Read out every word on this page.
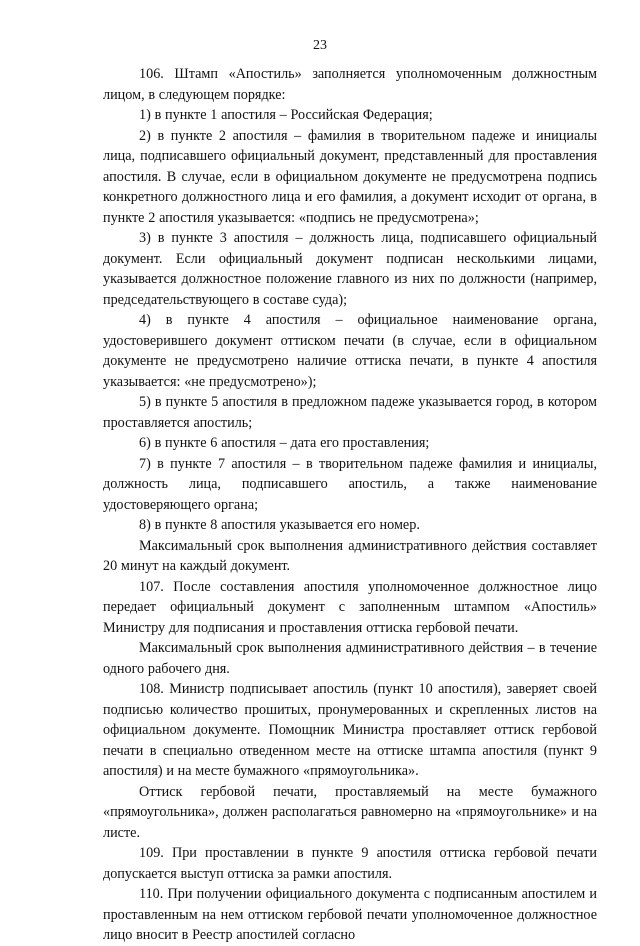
23

106. Штамп «Апостиль» заполняется уполномоченным должностным лицом, в следующем порядке:

1) в пункте 1 апостиля – Российская Федерация;

2) в пункте 2 апостиля – фамилия в творительном падеже и инициалы лица, подписавшего официальный документ, представленный для проставления апостиля. В случае, если в официальном документе не предусмотрена подпись конкретного должностного лица и его фамилия, а документ исходит от органа, в пункте 2 апостиля указывается: «подпись не предусмотрена»;

3) в пункте 3 апостиля – должность лица, подписавшего официальный документ. Если официальный документ подписан несколькими лицами, указывается должностное положение главного из них по должности (например, председательствующего в составе суда);

4) в пункте 4 апостиля – официальное наименование органа, удостоверившего документ оттиском печати (в случае, если в официальном документе не предусмотрено наличие оттиска печати, в пункте 4 апостиля указывается: «не предусмотрено»);

5) в пункте 5 апостиля в предложном падеже указывается город, в котором проставляется апостиль;

6) в пункте 6 апостиля – дата его проставления;

7) в пункте 7 апостиля – в творительном падеже фамилия и инициалы, должность лица, подписавшего апостиль, а также наименование удостоверяющего органа;

8) в пункте 8 апостиля указывается его номер.

Максимальный срок выполнения административного действия составляет 20 минут на каждый документ.

107. После составления апостиля уполномоченное должностное лицо передает официальный документ с заполненным штампом «Апостиль» Министру для подписания и проставления оттиска гербовой печати.

Максимальный срок выполнения административного действия – в течение одного рабочего дня.

108. Министр подписывает апостиль (пункт 10 апостиля), заверяет своей подписью количество прошитых, пронумерованных и скрепленных листов на официальном документе. Помощник Министра проставляет оттиск гербовой печати в специально отведенном месте на оттиске штампа апостиля (пункт 9 апостиля) и на месте бумажного «прямоугольника».

Оттиск гербовой печати, проставляемый на месте бумажного «прямоугольника», должен располагаться равномерно на «прямоугольнике» и на листе.

109. При проставлении в пункте 9 апостиля оттиска гербовой печати допускается выступ оттиска за рамки апостиля.

110. При получении официального документа с подписанным апостилем и проставленным на нем оттиском гербовой печати уполномоченное должностное лицо вносит в Реестр апостилей согласно
